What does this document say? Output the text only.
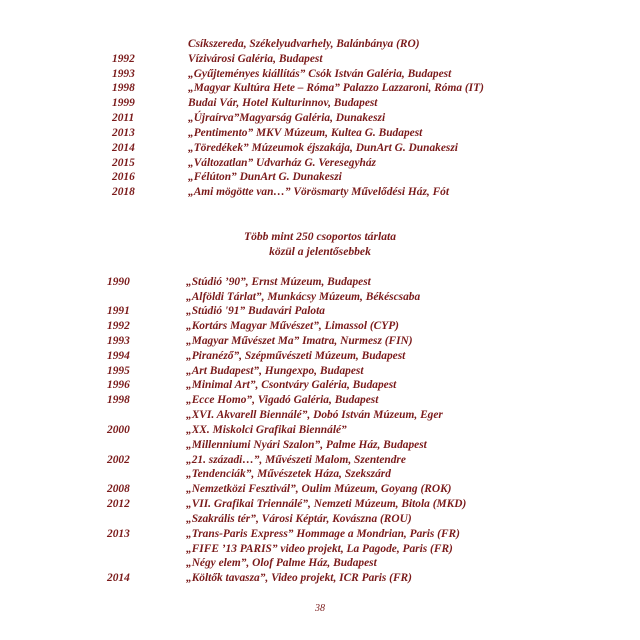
Csíkszereda, Székelyudvarhely, Balánbánya (RO)
1992	Vízivárosi Galéria, Budapest
1993	„Gyűjteményes kiállítás” Csók István Galéria, Budapest
1998	„Magyar Kultúra Hete – Róma” Palazzo Lazzaroni, Róma (IT)
1999	Budai Vár, Hotel Kulturinnov, Budapest
2011	„Újraírva”Magyarság Galéria, Dunakeszi
2013	„Pentimento” MKV Múzeum, Kultea G. Budapest
2014	„Töredékek” Múzeumok éjszakája, DunArt G. Dunakeszi
2015	„Változatlan” Udvarház G. Veresegyház
2016	„Félúton” DunArt G. Dunakeszi
2018	„Ami mögötte van…” Vörösmarty Művelődési Ház, Fót
Több mint 250 csoportos tárlata
közül a jelentősebbek
1990	„Stúdió ’90”, Ernst Múzeum, Budapest
„Alföldi Tárlat”, Munkácsy Múzeum, Békéscsaba
1991	„Stúdió '91” Budavári Palota
1992	„Kortárs Magyar Művészet”, Limassol (CYP)
1993	„Magyar Művészet Ma” Imatra, Nurmesz (FIN)
1994	„Piranéző”, Szépművészeti Múzeum, Budapest
1995	„Art Budapest”, Hungexpo, Budapest
1996	„Minimal Art”, Csontváry Galéria, Budapest
1998	„Ecce Homo”, Vigadó Galéria, Budapest
„XVI. Akvarell Biennálé”, Dobó István Múzeum, Eger
2000	„XX. Miskolci Grafikai Biennálé”
„Millenniumi Nyári Szalon”, Palme Ház, Budapest
2002	„21. századi…”, Művészeti Malom, Szentendre
„Tendenciák”, Művészetek Háza, Szekszárd
2008	„Nemzetközi Fesztivál”, Oulim Múzeum, Goyang (ROK)
2012	„VII. Grafikai Triennálé”, Nemzeti Múzeum, Bitola (MKD)
„Szakrális tér”, Városi Képtár, Kovászna (ROU)
2013	„Trans-Paris Express” Hommage a Mondrian, Paris (FR)
„FIFE ’13 PARIS” video projekt, La Pagode, Paris (FR)
„Négy elem”, Olof Palme Ház, Budapest
2014	„Költők tavasza”, Video projekt, ICR Paris (FR)
38
